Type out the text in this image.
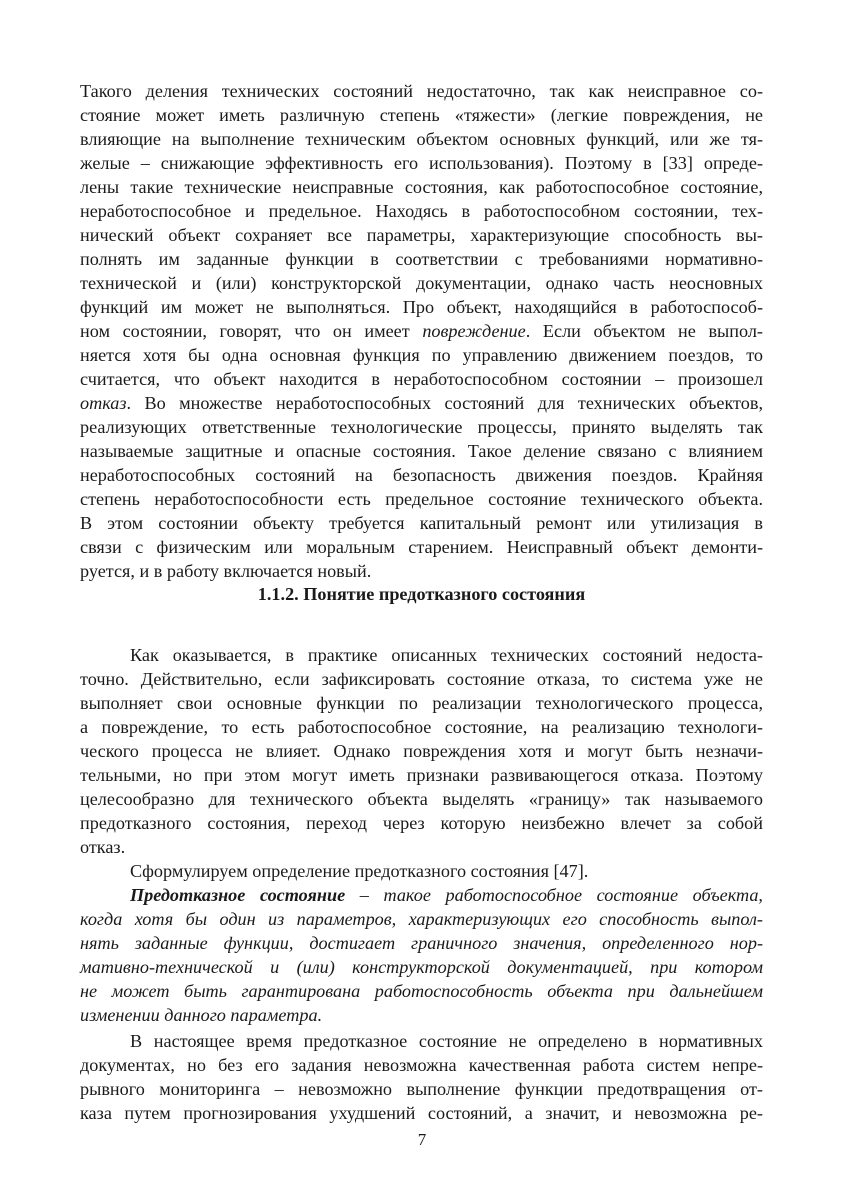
Такого деления технических состояний недостаточно, так как неисправное со-
стояние может иметь различную степень «тяжести» (легкие повреждения, не
влияющие на выполнение техническим объектом основных функций, или же тя-
желые – снижающие эффективность его использования). Поэтому в [33] опреде-
лены такие технические неисправные состояния, как работоспособное состояние,
неработоспособное и предельное. Находясь в работоспособном состоянии, тех-
нический объект сохраняет все параметры, характеризующие способность вы-
полнять им заданные функции в соответствии с требованиями нормативно-
технической и (или) конструкторской документации, однако часть неосновных
функций им может не выполняться. Про объект, находящийся в работоспособ-
ном состоянии, говорят, что он имеет повреждение. Если объектом не выпол-
няется хотя бы одна основная функция по управлению движением поездов, то
считается, что объект находится в неработоспособном состоянии – произошел
отказ. Во множестве неработоспособных состояний для технических объектов,
реализующих ответственные технологические процессы, принято выделять так
называемые защитные и опасные состояния. Такое деление связано с влиянием
неработоспособных состояний на безопасность движения поездов. Крайняя
степень неработоспособности есть предельное состояние технического объекта.
В этом состоянии объекту требуется капитальный ремонт или утилизация в
связи с физическим или моральным старением. Неисправный объект демонти-
руется, и в работу включается новый.
1.1.2. Понятие предотказного состояния
Как оказывается, в практике описанных технических состояний недоста-
точно. Действительно, если зафиксировать состояние отказа, то система уже не
выполняет свои основные функции по реализации технологического процесса,
а повреждение, то есть работоспособное состояние, на реализацию технологи-
ческого процесса не влияет. Однако повреждения хотя и могут быть незначи-
тельными, но при этом могут иметь признаки развивающегося отказа. Поэтому
целесообразно для технического объекта выделять «границу» так называемого
предотказного состояния, переход через которую неизбежно влечет за собой
отказ.
Сформулируем определение предотказного состояния [47].
Предотказное состояние – такое работоспособное состояние объекта,
когда хотя бы один из параметров, характеризующих его способность выпол-
нять заданные функции, достигает граничного значения, определенного нор-
мативно-технической и (или) конструкторской документацией, при котором
не может быть гарантирована работоспособность объекта при дальнейшем
изменении данного параметра.
В настоящее время предотказное состояние не определено в нормативных
документах, но без его задания невозможна качественная работа систем непре-
рывного мониторинга – невозможно выполнение функции предотвращения от-
каза путем прогнозирования ухудшений состояний, а значит, и невозможна ре-
7
